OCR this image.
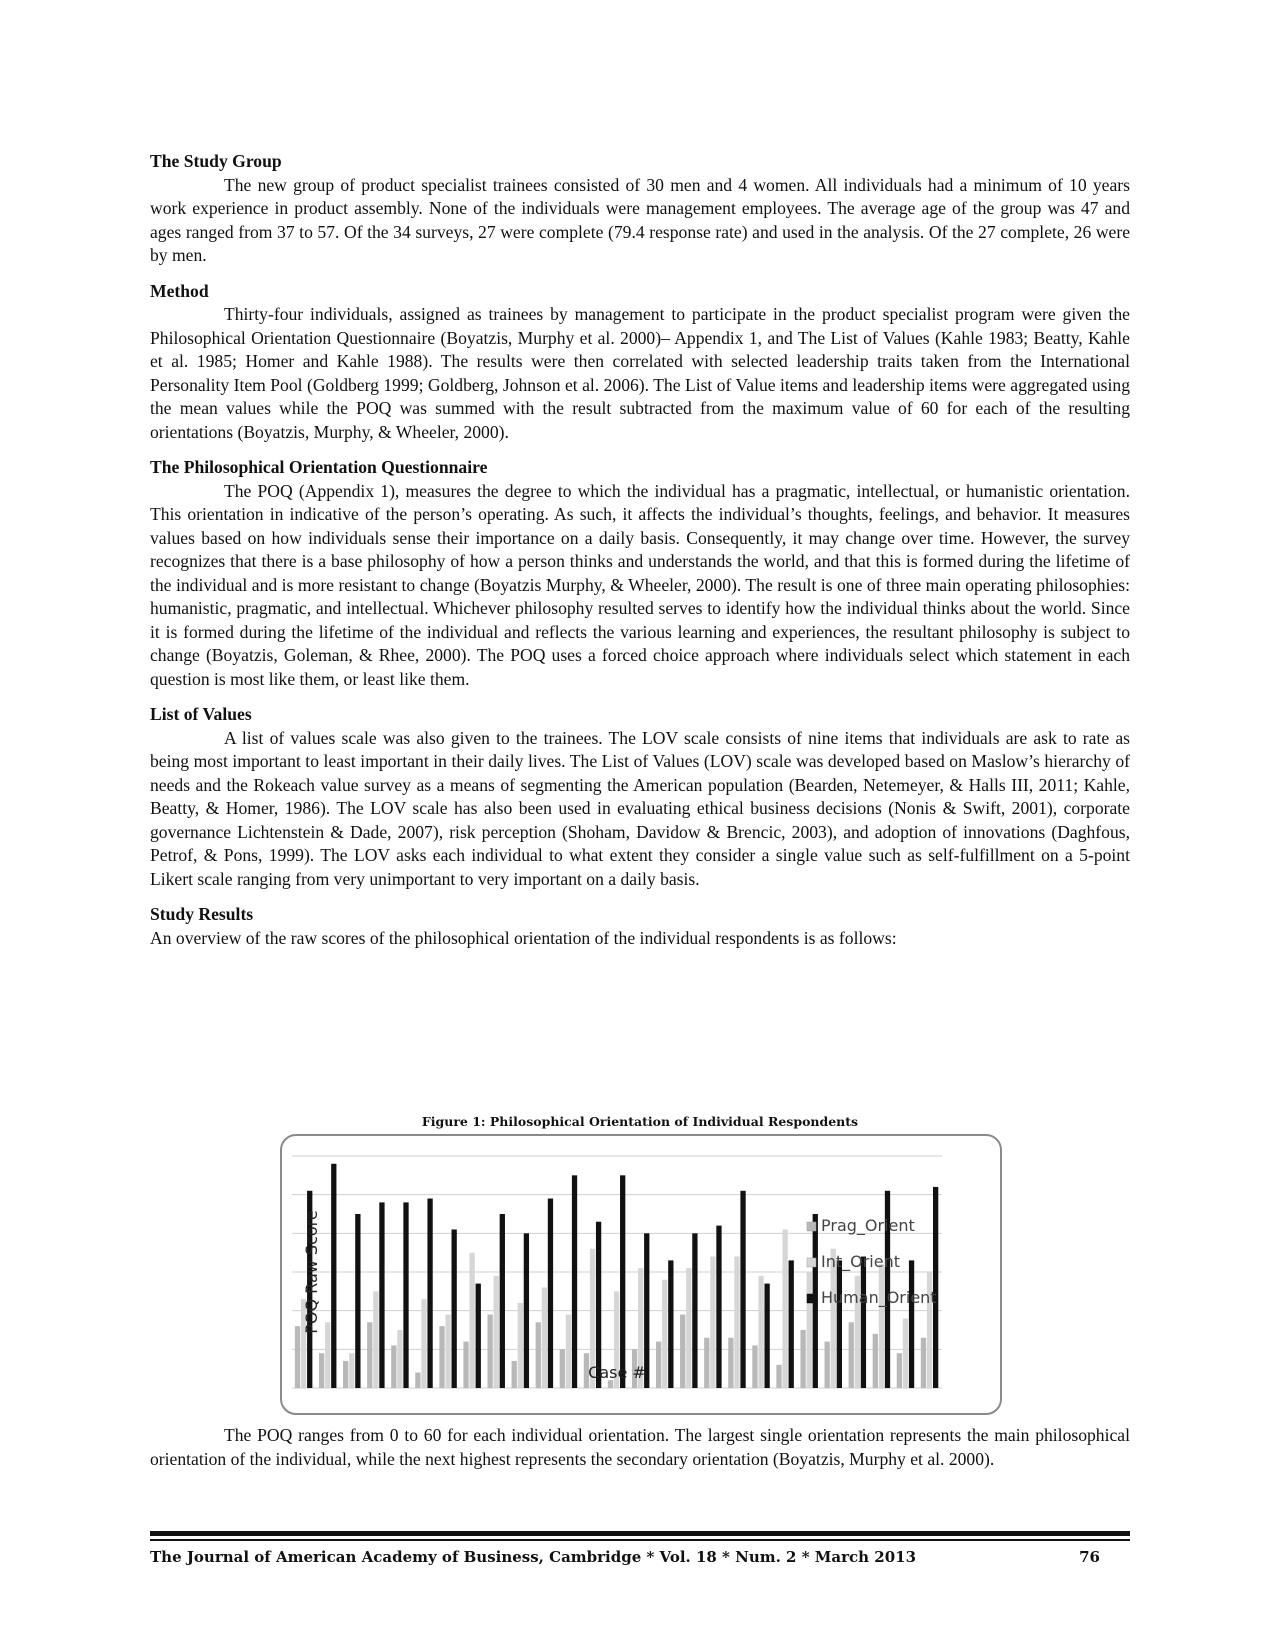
The Study Group

The new group of product specialist trainees consisted of 30 men and 4 women. All individuals had a minimum of 10 years work experience in product assembly. None of the individuals were management employees. The average age of the group was 47 and ages ranged from 37 to 57. Of the 34 surveys, 27 were complete (79.4 response rate) and used in the analysis. Of the 27 complete, 26 were by men.

Method

Thirty-four individuals, assigned as trainees by management to participate in the product specialist program were given the Philosophical Orientation Questionnaire (Boyatzis, Murphy et al. 2000)– Appendix 1, and The List of Values (Kahle 1983; Beatty, Kahle et al. 1985; Homer and Kahle 1988). The results were then correlated with selected leadership traits taken from the International Personality Item Pool (Goldberg 1999; Goldberg, Johnson et al. 2006). The List of Value items and leadership items were aggregated using the mean values while the POQ was summed with the result subtracted from the maximum value of 60 for each of the resulting orientations (Boyatzis, Murphy, & Wheeler, 2000).

The Philosophical Orientation Questionnaire

The POQ (Appendix 1), measures the degree to which the individual has a pragmatic, intellectual, or humanistic orientation. This orientation in indicative of the person’s operating. As such, it affects the individual’s thoughts, feelings, and behavior. It measures values based on how individuals sense their importance on a daily basis. Consequently, it may change over time. However, the survey recognizes that there is a base philosophy of how a person thinks and understands the world, and that this is formed during the lifetime of the individual and is more resistant to change (Boyatzis Murphy, & Wheeler, 2000). The result is one of three main operating philosophies: humanistic, pragmatic, and intellectual. Whichever philosophy resulted serves to identify how the individual thinks about the world. Since it is formed during the lifetime of the individual and reflects the various learning and experiences, the resultant philosophy is subject to change (Boyatzis, Goleman, & Rhee, 2000). The POQ uses a forced choice approach where individuals select which statement in each question is most like them, or least like them.

List of Values

A list of values scale was also given to the trainees. The LOV scale consists of nine items that individuals are ask to rate as being most important to least important in their daily lives. The List of Values (LOV) scale was developed based on Maslow’s hierarchy of needs and the Rokeach value survey as a means of segmenting the American population (Bearden, Netemeyer, & Halls III, 2011; Kahle, Beatty, & Homer, 1986). The LOV scale has also been used in evaluating ethical business decisions (Nonis & Swift, 2001), corporate governance Lichtenstein & Dade, 2007), risk perception (Shoham, Davidow & Brencic, 2003), and adoption of innovations (Daghfous, Petrof, & Pons, 1999). The LOV asks each individual to what extent they consider a single value such as self-fulfillment on a 5-point Likert scale ranging from very unimportant to very important on a daily basis.

Study Results

An overview of the raw scores of the philosophical orientation of the individual respondents is as follows:

Figure 1: Philosophical Orientation of Individual Respondents
POQ Raw Score
Case #
Prag_Orient
Int_Orient
Human_Orient

The POQ ranges from 0 to 60 for each individual orientation. The largest single orientation represents the main philosophical orientation of the individual, while the next highest represents the secondary orientation (Boyatzis, Murphy et al. 2000).

The Journal of American Academy of Business, Cambridge * Vol. 18 * Num. 2 * March 2013	76
